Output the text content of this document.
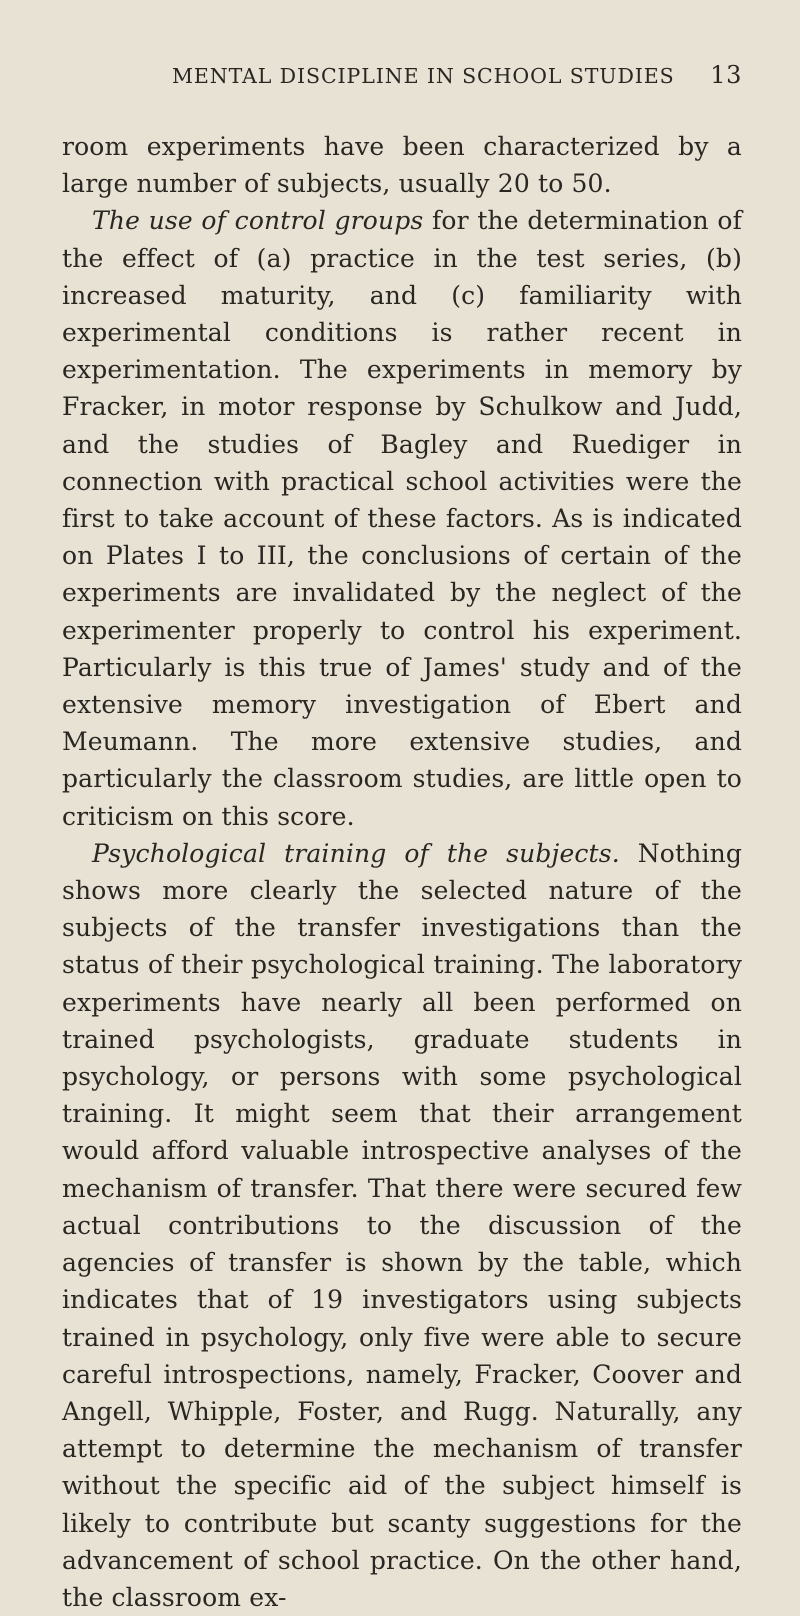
MENTAL DISCIPLINE IN SCHOOL STUDIES 13

room experiments have been characterized by a large number of subjects, usually 20 to 50.

The use of control groups for the determination of the effect of (a) practice in the test series, (b) increased maturity, and (c) familiarity with experimental conditions is rather recent in experimentation. The experiments in memory by Fracker, in motor response by Schulkow and Judd, and the studies of Bagley and Ruediger in connection with practical school activities were the first to take account of these factors. As is indicated on Plates I to III, the conclusions of certain of the experiments are invalidated by the neglect of the experimenter properly to control his experiment. Particularly is this true of James' study and of the extensive memory investigation of Ebert and Meumann. The more extensive studies, and particularly the classroom studies, are little open to criticism on this score.

Psychological training of the subjects. Nothing shows more clearly the selected nature of the subjects of the transfer investigations than the status of their psychological training. The laboratory experiments have nearly all been performed on trained psychologists, graduate students in psychology, or persons with some psychological training. It might seem that their arrangement would afford valuable introspective analyses of the mechanism of transfer. That there were secured few actual contributions to the discussion of the agencies of transfer is shown by the table, which indicates that of 19 investigators using subjects trained in psychology, only five were able to secure careful introspections, namely, Fracker, Coover and Angell, Whipple, Foster, and Rugg. Naturally, any attempt to determine the mechanism of transfer without the specific aid of the subject himself is likely to contribute but scanty suggestions for the advancement of school practice. On the other hand, the classroom ex-
